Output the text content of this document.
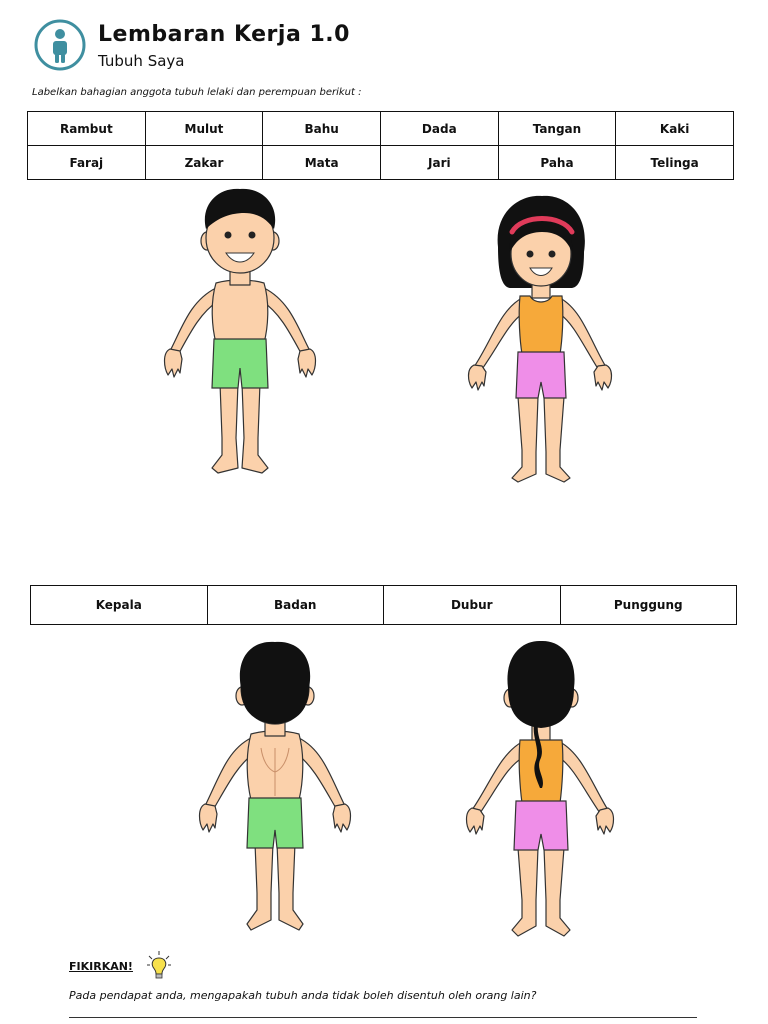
Lembaran Kerja 1.0
Tubuh Saya
Labelkan bahagian anggota tubuh lelaki dan perempuan berikut :
Rambut	Mulut	Bahu	Dada	Tangan	Kaki
Faraj	Zakar	Mata	Jari	Paha	Telinga
Kepala	Badan	Dubur	Punggung
FIKIRKAN!
Pada pendapat anda, mengapakah tubuh anda tidak boleh disentuh oleh orang lain?
